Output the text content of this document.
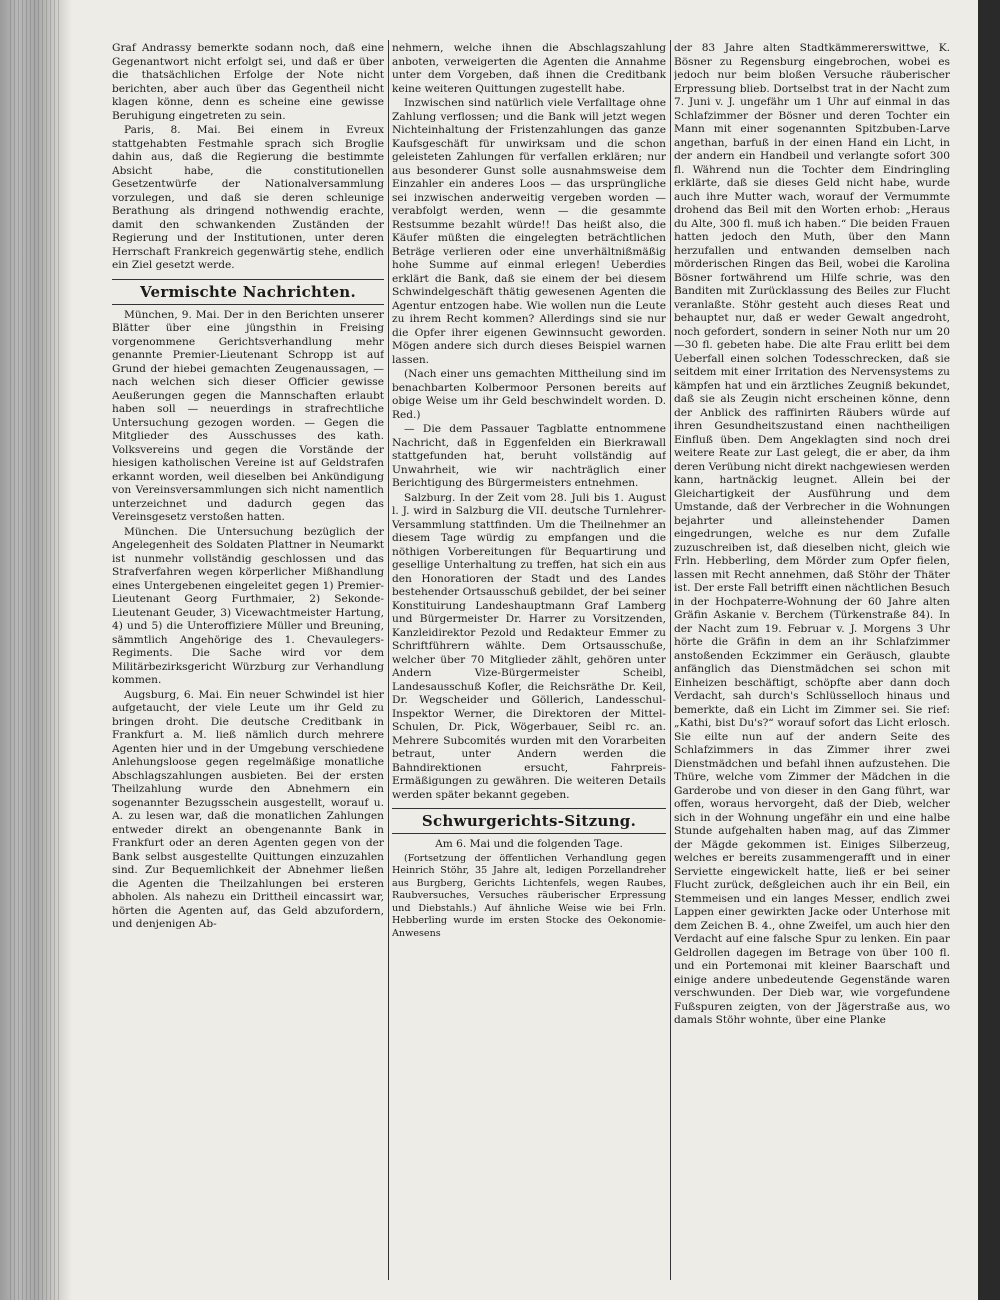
Graf Andrassy bemerkte sodann noch, daß eine Gegenantwort nicht erfolgt sei, und daß er über die thatsächlichen Erfolge der Note nicht berichten, aber auch über das Gegentheil nicht klagen könne, denn es scheine eine gewisse Beruhigung eingetreten zu sein.

Paris, 8. Mai. Bei einem in Evreux stattgehabten Festmahle sprach sich Broglie dahin aus, daß die Regierung die bestimmte Absicht habe, die constitutionellen Gesetzentwürfe der Nationalversammlung vorzulegen, und daß sie deren schleunige Berathung als dringend nothwendig erachte, damit den schwankenden Zuständen der Regierung und der Institutionen, unter deren Herrschaft Frankreich gegenwärtig stehe, endlich ein Ziel gesetzt werde.

Vermischte Nachrichten.

München, 9. Mai. Der in den Berichten unserer Blätter über eine jüngsthin in Freising vorgenommene Gerichtsverhandlung mehr genannte Premier-Lieutenant Schropp ist auf Grund der hiebei gemachten Zeugenaussagen, — nach welchen sich dieser Officier gewisse Aeußerungen gegen die Mannschaften erlaubt haben soll — neuerdings in strafrechtliche Untersuchung gezogen worden. — Gegen die Mitglieder des Ausschusses des kath. Volksvereins und gegen die Vorstände der hiesigen katholischen Vereine ist auf Geldstrafen erkannt worden, weil dieselben bei Ankündigung von Vereinsversammlungen sich nicht namentlich unterzeichnet und dadurch gegen das Vereinsgesetz verstoßen hatten.

München. Die Untersuchung bezüglich der Angelegenheit des Soldaten Plattner in Neumarkt ist nunmehr vollständig geschlossen und das Strafverfahren wegen körperlicher Mißhandlung eines Untergebenen eingeleitet gegen 1) Premier-Lieutenant Georg Furthmaier, 2) Sekonde-Lieutenant Geuder, 3) Vicewachtmeister Hartung, 4) und 5) die Unteroffiziere Müller und Breuning, sämmtlich Angehörige des 1. Chevaulegers-Regiments. Die Sache wird vor dem Militärbezirksgericht Würzburg zur Verhandlung kommen.

Augsburg, 6. Mai. Ein neuer Schwindel ist hier aufgetaucht, der viele Leute um ihr Geld zu bringen droht. Die deutsche Creditbank in Frankfurt a. M. ließ nämlich durch mehrere Agenten hier und in der Umgebung verschiedene Anlehungsloose gegen regelmäßige monatliche Abschlagszahlungen ausbieten. Bei der ersten Theilzahlung wurde den Abnehmern ein sogenannter Bezugsschein ausgestellt, worauf u. A. zu lesen war, daß die monatlichen Zahlungen entweder direkt an obengenannte Bank in Frankfurt oder an deren Agenten gegen von der Bank selbst ausgestellte Quittungen einzuzahlen sind. Zur Bequemlichkeit der Abnehmer ließen die Agenten die Theilzahlungen bei ersteren abholen. Als nahezu ein Drittheil eincassirt war, hörten die Agenten auf, das Geld abzufordern, und denjenigen Ab-

nehmern, welche ihnen die Abschlagszahlung anboten, verweigerten die Agenten die Annahme unter dem Vorgeben, daß ihnen die Creditbank keine weiteren Quittungen zugestellt habe.

Inzwischen sind natürlich viele Verfalltage ohne Zahlung verflossen; und die Bank will jetzt wegen Nichteinhaltung der Fristenzahlungen das ganze Kaufsgeschäft für unwirksam und die schon geleisteten Zahlungen für verfallen erklären; nur aus besonderer Gunst solle ausnahmsweise dem Einzahler ein anderes Loos — das ursprüngliche sei inzwischen anderweitig vergeben worden — verabfolgt werden, wenn — die gesammte Restsumme bezahlt würde!! Das heißt also, die Käufer müßten die eingelegten beträchtlichen Beträge verlieren oder eine unverhältnißmäßig hohe Summe auf einmal erlegen! Ueberdies erklärt die Bank, daß sie einem der bei diesem Schwindelgeschäft thätig gewesenen Agenten die Agentur entzogen habe. Wie wollen nun die Leute zu ihrem Recht kommen? Allerdings sind sie nur die Opfer ihrer eigenen Gewinnsucht geworden. Mögen andere sich durch dieses Beispiel warnen lassen.

(Nach einer uns gemachten Mittheilung sind im benachbarten Kolbermoor Personen bereits auf obige Weise um ihr Geld beschwindelt worden. D. Red.)

— Die dem Passauer Tagblatte entnommene Nachricht, daß in Eggenfelden ein Bierkrawall stattgefunden hat, beruht vollständig auf Unwahrheit, wie wir nachträglich einer Berichtigung des Bürgermeisters entnehmen.

Salzburg. In der Zeit vom 28. Juli bis 1. August l. J. wird in Salzburg die VII. deutsche Turnlehrer-Versammlung stattfinden. Um die Theilnehmer an diesem Tage würdig zu empfangen und die nöthigen Vorbereitungen für Bequartirung und gesellige Unterhaltung zu treffen, hat sich ein aus den Honoratioren der Stadt und des Landes bestehender Ortsausschuß gebildet, der bei seiner Konstituirung Landeshauptmann Graf Lamberg und Bürgermeister Dr. Harrer zu Vorsitzenden, Kanzleidirektor Pezold und Redakteur Emmer zu Schriftführern wählte. Dem Ortsausschuße, welcher über 70 Mitglieder zählt, gehören unter Andern Vize-Bürgermeister Scheibl, Landesausschuß Kofler, die Reichsräthe Dr. Keil, Dr. Wegscheider und Göllerich, Landesschul-Inspektor Werner, die Direktoren der Mittel-Schulen, Dr. Pick, Wögerbauer, Seibl rc. an. Mehrere Subcomités wurden mit den Vorarbeiten betraut, unter Andern werden die Bahndirektionen ersucht, Fahrpreis-Ermäßigungen zu gewähren. Die weiteren Details werden später bekannt gegeben.

Schwurgerichts-Sitzung.

Am 6. Mai und die folgenden Tage.

(Fortsetzung der öffentlichen Verhandlung gegen Heinrich Stöhr, 35 Jahre alt, ledigen Porzellandreher aus Burgberg, Gerichts Lichtenfels, wegen Raubes, Raubversuches, Versuches räuberischer Erpressung und Diebstahls.) Auf ähnliche Weise wie bei Frln. Hebberling wurde im ersten Stocke des Oekonomie-Anwesens

der 83 Jahre alten Stadtkämmererswittwe, K. Bösner zu Regensburg eingebrochen, wobei es jedoch nur beim bloßen Versuche räuberischer Erpressung blieb. Dortselbst trat in der Nacht zum 7. Juni v. J. ungefähr um 1 Uhr auf einmal in das Schlafzimmer der Bösner und deren Tochter ein Mann mit einer sogenannten Spitzbuben-Larve angethan, barfuß in der einen Hand ein Licht, in der andern ein Handbeil und verlangte sofort 300 fl. Während nun die Tochter dem Eindringling erklärte, daß sie dieses Geld nicht habe, wurde auch ihre Mutter wach, worauf der Vermummte drohend das Beil mit den Worten erhob: „Heraus du Alte, 300 fl. muß ich haben.“ Die beiden Frauen hatten jedoch den Muth, über den Mann herzufallen und entwanden demselben nach mörderischen Ringen das Beil, wobei die Karolina Bösner fortwährend um Hilfe schrie, was den Banditen mit Zurücklassung des Beiles zur Flucht veranlaßte. Stöhr gesteht auch dieses Reat und behauptet nur, daß er weder Gewalt angedroht, noch gefordert, sondern in seiner Noth nur um 20—30 fl. gebeten habe. Die alte Frau erlitt bei dem Ueberfall einen solchen Todesschrecken, daß sie seitdem mit einer Irritation des Nervensystems zu kämpfen hat und ein ärztliches Zeugniß bekundet, daß sie als Zeugin nicht erscheinen könne, denn der Anblick des raffinirten Räubers würde auf ihren Gesundheitszustand einen nachtheiligen Einfluß üben. Dem Angeklagten sind noch drei weitere Reate zur Last gelegt, die er aber, da ihm deren Verübung nicht direkt nachgewiesen werden kann, hartnäckig leugnet. Allein bei der Gleichartigkeit der Ausführung und dem Umstande, daß der Verbrecher in die Wohnungen bejahrter und alleinstehender Damen eingedrungen, welche es nur dem Zufalle zuzuschreiben ist, daß dieselben nicht, gleich wie Frln. Hebberling, dem Mörder zum Opfer fielen, lassen mit Recht annehmen, daß Stöhr der Thäter ist. Der erste Fall betrifft einen nächtlichen Besuch in der Hochpaterre-Wohnung der 60 Jahre alten Gräfin Askanie v. Berchem (Türkenstraße 84). In der Nacht zum 19. Februar v. J. Morgens 3 Uhr hörte die Gräfin in dem an ihr Schlafzimmer anstoßenden Eckzimmer ein Geräusch, glaubte anfänglich das Dienstmädchen sei schon mit Einheizen beschäftigt, schöpfte aber dann doch Verdacht, sah durch's Schlüsselloch hinaus und bemerkte, daß ein Licht im Zimmer sei. Sie rief: „Kathi, bist Du's?“ worauf sofort das Licht erlosch. Sie eilte nun auf der andern Seite des Schlafzimmers in das Zimmer ihrer zwei Dienstmädchen und befahl ihnen aufzustehen. Die Thüre, welche vom Zimmer der Mädchen in die Garderobe und von dieser in den Gang führt, war offen, woraus hervorgeht, daß der Dieb, welcher sich in der Wohnung ungefähr ein und eine halbe Stunde aufgehalten haben mag, auf das Zimmer der Mägde gekommen ist. Einiges Silberzeug, welches er bereits zusammengerafft und in einer Serviette eingewickelt hatte, ließ er bei seiner Flucht zurück, deßgleichen auch ihr ein Beil, ein Stemmeisen und ein langes Messer, endlich zwei Lappen einer gewirkten Jacke oder Unterhose mit dem Zeichen B. 4., ohne Zweifel, um auch hier den Verdacht auf eine falsche Spur zu lenken. Ein paar Geldrollen dagegen im Betrage von über 100 fl. und ein Portemonai mit kleiner Baarschaft und einige andere unbedeutende Gegenstände waren verschwunden. Der Dieb war, wie vorgefundene Fußspuren zeigten, von der Jägerstraße aus, wo damals Stöhr wohnte, über eine Planke
